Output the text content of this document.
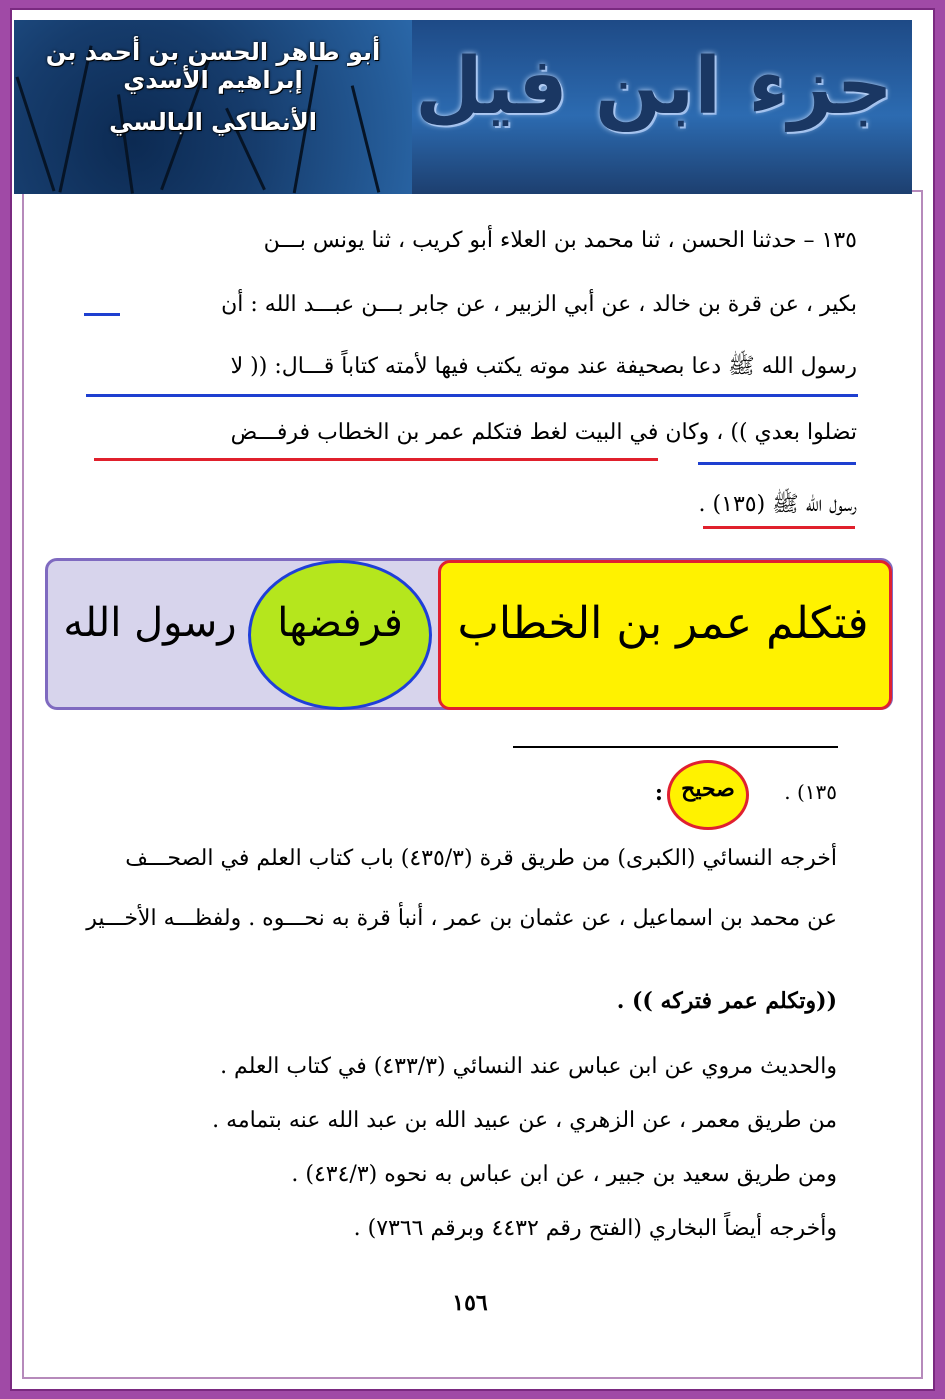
أبو طاهر الحسن بن أحمد بن إبراهيم الأسدي
الأنطاكي البالسي	جزء ابن فيل
١٣٥ – حدثنا الحسن ، ثنا محمد بن العلاء أبو كريب ، ثنا يونس بـــن
بكير ، عن قرة بن خالد ، عن أبي الزبير ، عن جابر بـــن عبـــد الله : أن
رسول الله ﷺ دعا بصحيفة عند موته يكتب فيها لأمته كتاباً قـــال: (( لا
تضلوا بعدي )) ، وكان في البيت لغط فتكلم عمر بن الخطاب فرفـــض
رسول الله ﷺ (١٣٥) .
فتكلم عمر بن الخطاب
فرفضها
رسول الله
١٣٥) .
صحيح
:
أخرجه النسائي (الكبرى) من طريق قرة (٤٣٥/٣) باب كتاب العلم في الصحـــف
عن محمد بن اسماعيل ، عن عثمان بن عمر ، أنبأ قرة به نحـــوه . ولفظـــه الأخـــير
((وتكلم عمر فتركه )) .
والحديث مروي عن ابن عباس عند النسائي (٤٣٣/٣) في كتاب العلم .
من طريق معمر ، عن الزهري ، عن عبيد الله بن عبد الله عنه بتمامه .
ومن طريق سعيد بن جبير ، عن ابن عباس به نحوه (٤٣٤/٣) .
وأخرجه أيضاً البخاري (الفتح رقم ٤٤٣٢ وبرقم ٧٣٦٦) .
١٥٦
